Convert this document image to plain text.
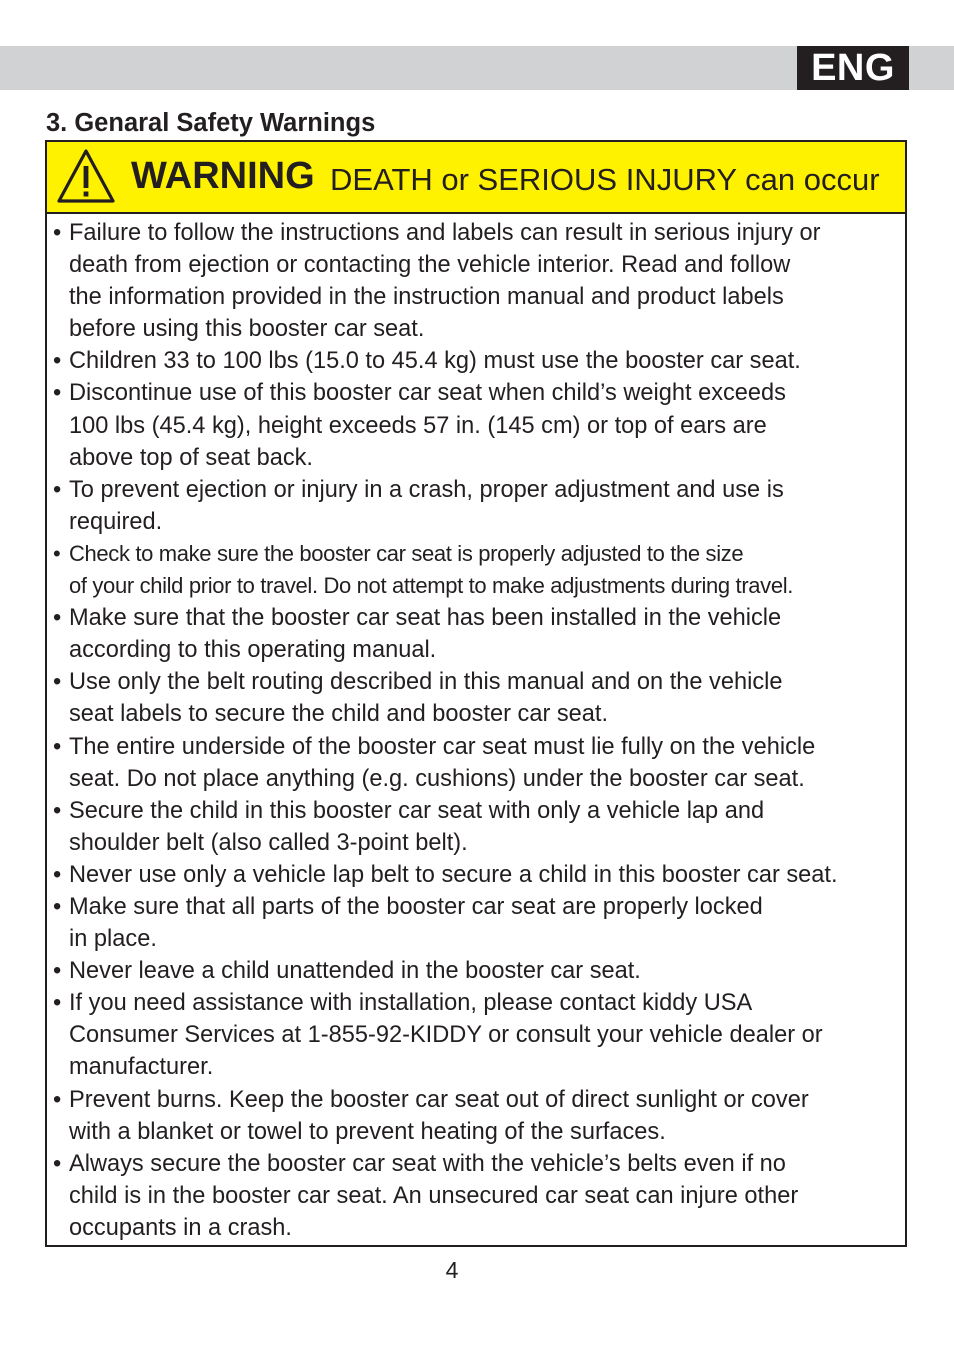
ENG
3. Genaral Safety Warnings
WARNING DEATH or SERIOUS INJURY can occur
• Failure to follow the instructions and labels can result in serious injury or
death from ejection or contacting the vehicle interior. Read and follow
the information provided in the instruction manual and product labels
before using this booster car seat.
• Children 33 to 100 lbs (15.0 to 45.4 kg) must use the booster car seat.
• Discontinue use of this booster car seat when child’s weight exceeds
100 lbs (45.4 kg), height exceeds 57 in. (145 cm) or top of ears are
above top of seat back.
• To prevent ejection or injury in a crash, proper adjustment and use is
required.
• Check to make sure the booster car seat is properly adjusted to the size
of your child prior to travel. Do not attempt to make adjustments during travel.
• Make sure that the booster car seat has been installed in the vehicle
according to this operating manual.
• Use only the belt routing described in this manual and on the vehicle
seat labels to secure the child and booster car seat.
• The entire underside of the booster car seat must lie fully on the vehicle
seat. Do not place anything (e.g. cushions) under the booster car seat.
• Secure the child in this booster car seat with only a vehicle lap and
shoulder belt (also called 3-point belt).
• Never use only a vehicle lap belt to secure a child in this booster car seat.
• Make sure that all parts of the booster car seat are properly locked
in place.
• Never leave a child unattended in the booster car seat.
• If you need assistance with installation, please contact kiddy USA
Consumer Services at 1-855-92-KIDDY or consult your vehicle dealer or
manufacturer.
• Prevent burns. Keep the booster car seat out of direct sunlight or cover
with a blanket or towel to prevent heating of the surfaces.
• Always secure the booster car seat with the vehicle’s belts even if no
child is in the booster car seat. An unsecured car seat can injure other
occupants in a crash.
4
